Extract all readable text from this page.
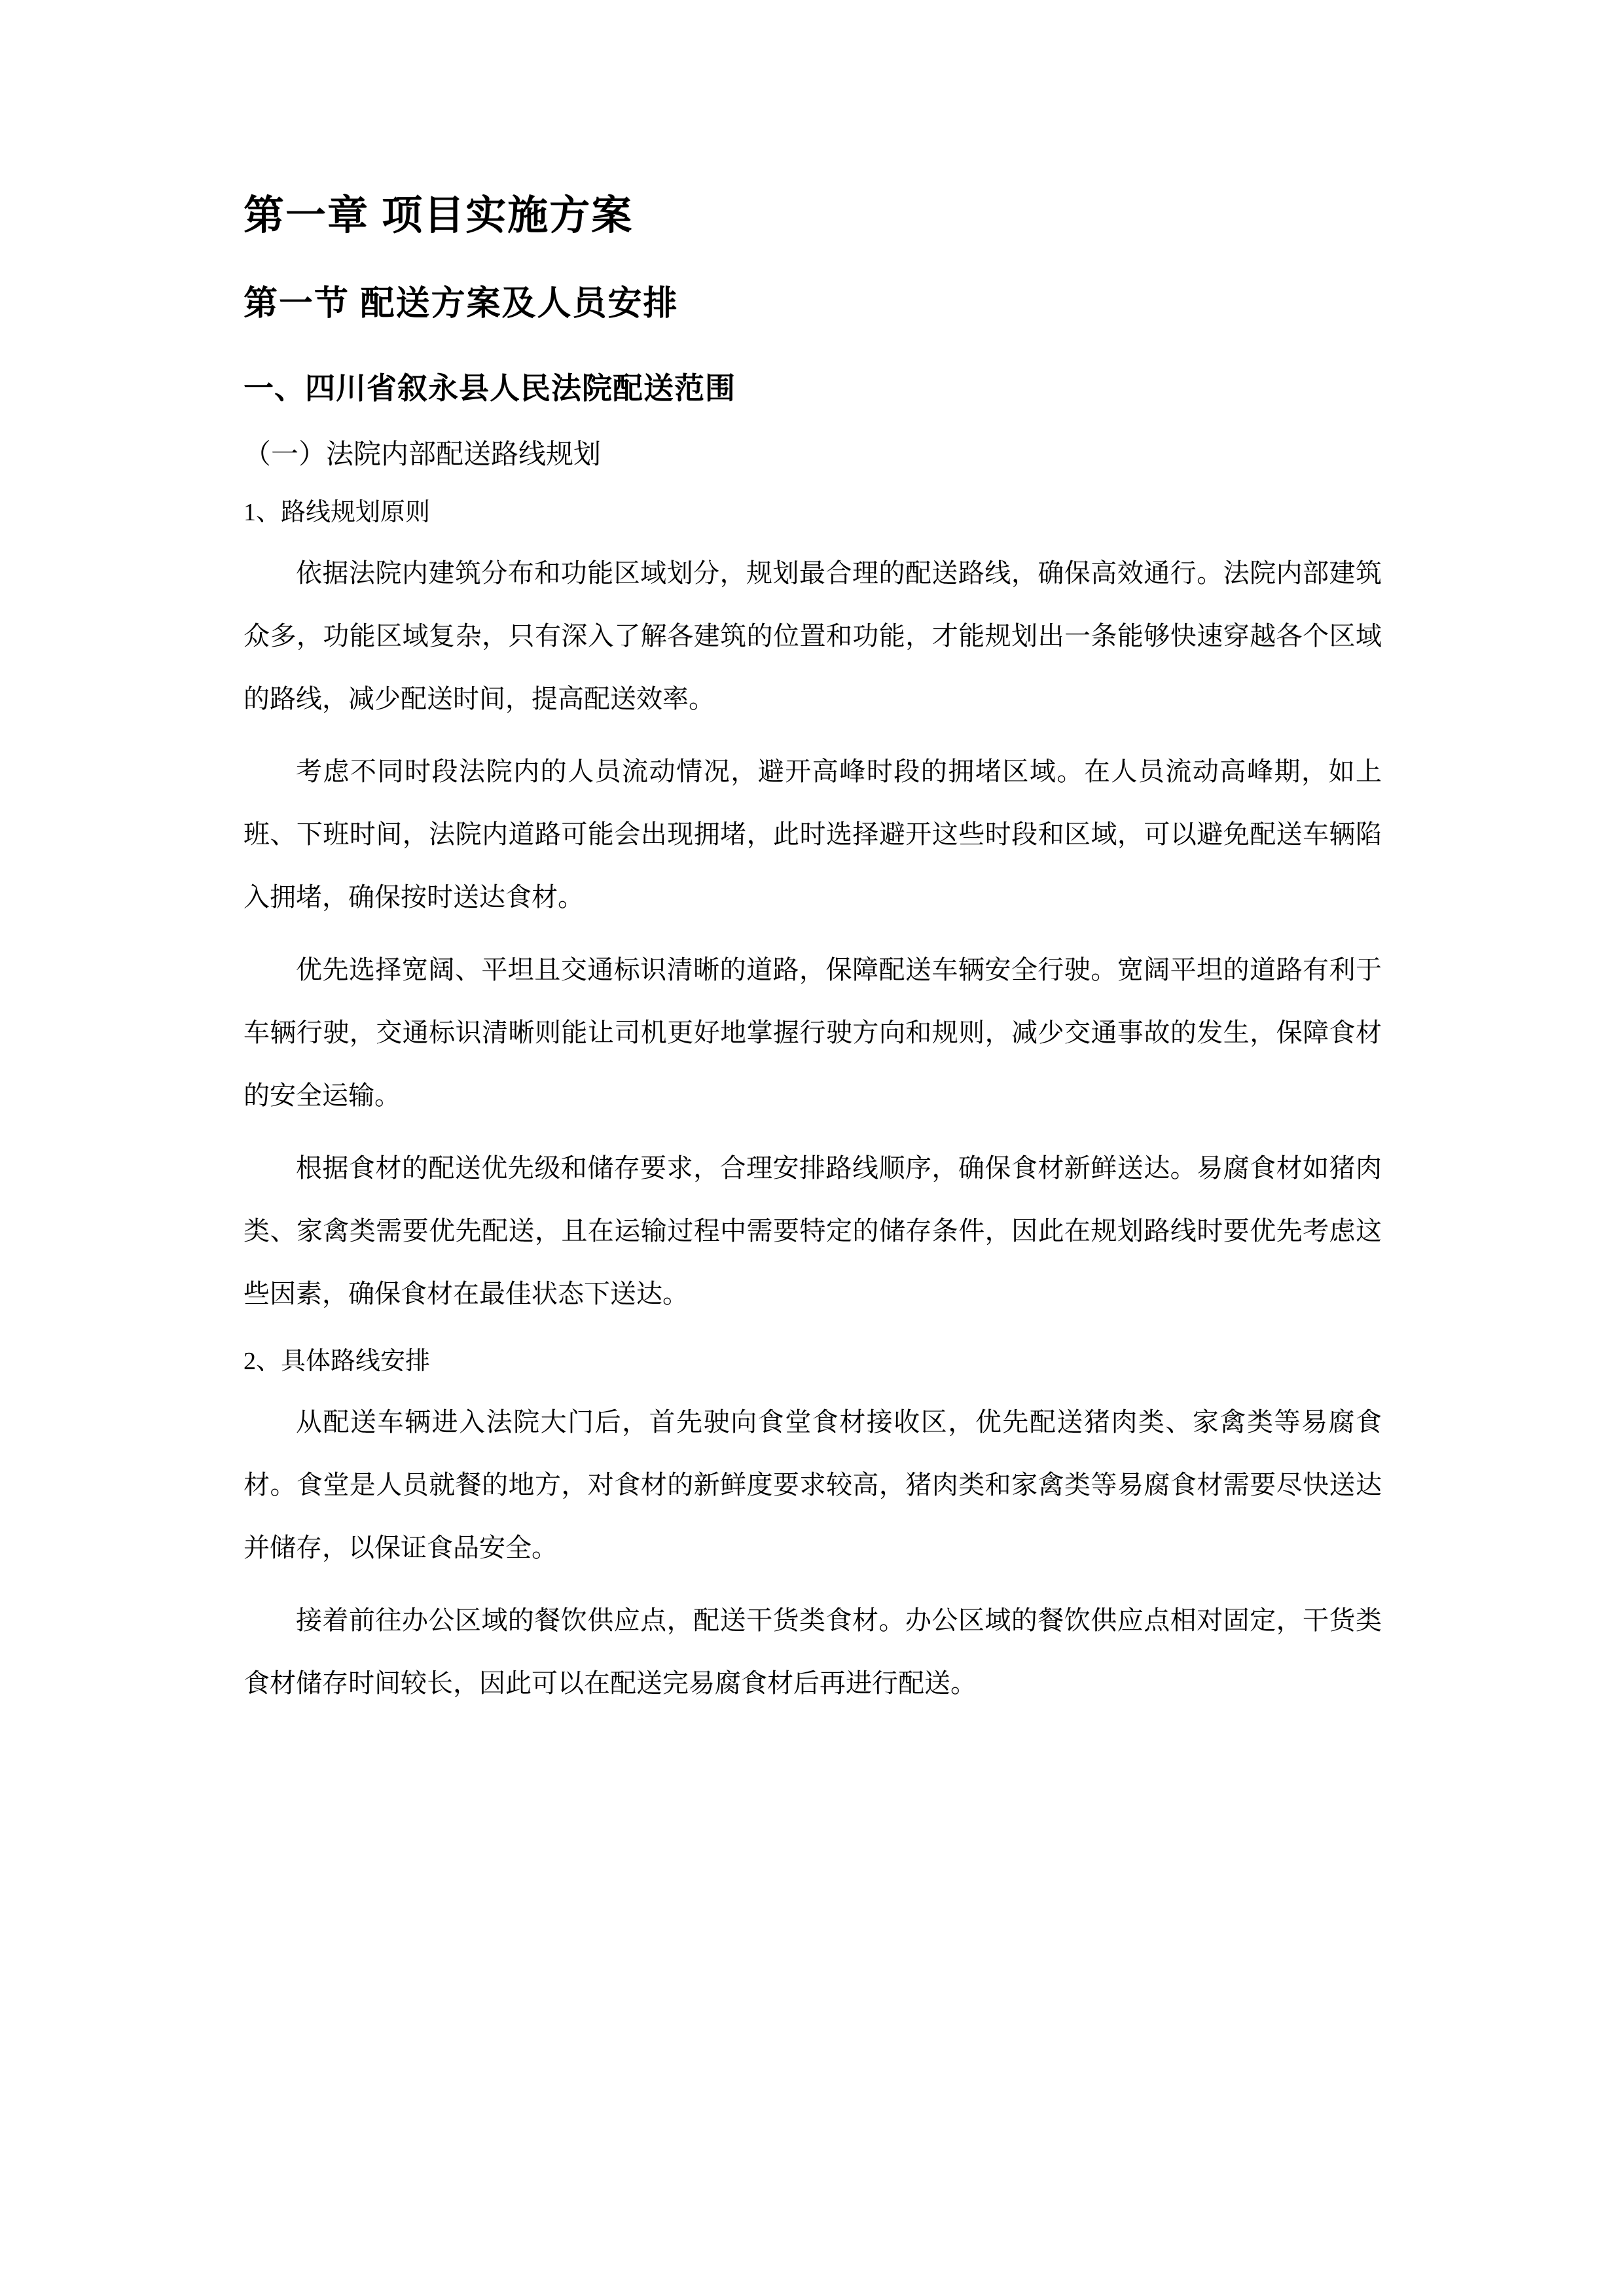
第一章 项目实施方案
第一节 配送方案及人员安排
一、四川省叙永县人民法院配送范围
（一）法院内部配送路线规划
1、路线规划原则

依据法院内建筑分布和功能区域划分，规划最合理的配送路线，确保高效通行。法院内部建筑众多，功能区域复杂，只有深入了解各建筑的位置和功能，才能规划出一条能够快速穿越各个区域的路线，减少配送时间，提高配送效率。

考虑不同时段法院内的人员流动情况，避开高峰时段的拥堵区域。在人员流动高峰期，如上班、下班时间，法院内道路可能会出现拥堵，此时选择避开这些时段和区域，可以避免配送车辆陷入拥堵，确保按时送达食材。

优先选择宽阔、平坦且交通标识清晰的道路，保障配送车辆安全行驶。宽阔平坦的道路有利于车辆行驶，交通标识清晰则能让司机更好地掌握行驶方向和规则，减少交通事故的发生，保障食材的安全运输。

根据食材的配送优先级和储存要求，合理安排路线顺序，确保食材新鲜送达。易腐食材如猪肉类、家禽类需要优先配送，且在运输过程中需要特定的储存条件，因此在规划路线时要优先考虑这些因素，确保食材在最佳状态下送达。

2、具体路线安排

从配送车辆进入法院大门后，首先驶向食堂食材接收区，优先配送猪肉类、家禽类等易腐食材。食堂是人员就餐的地方，对食材的新鲜度要求较高，猪肉类和家禽类等易腐食材需要尽快送达并储存，以保证食品安全。

接着前往办公区域的餐饮供应点，配送干货类食材。办公区域的餐饮供应点相对固定，干货类食材储存时间较长，因此可以在配送完易腐食材后再进行配送。
